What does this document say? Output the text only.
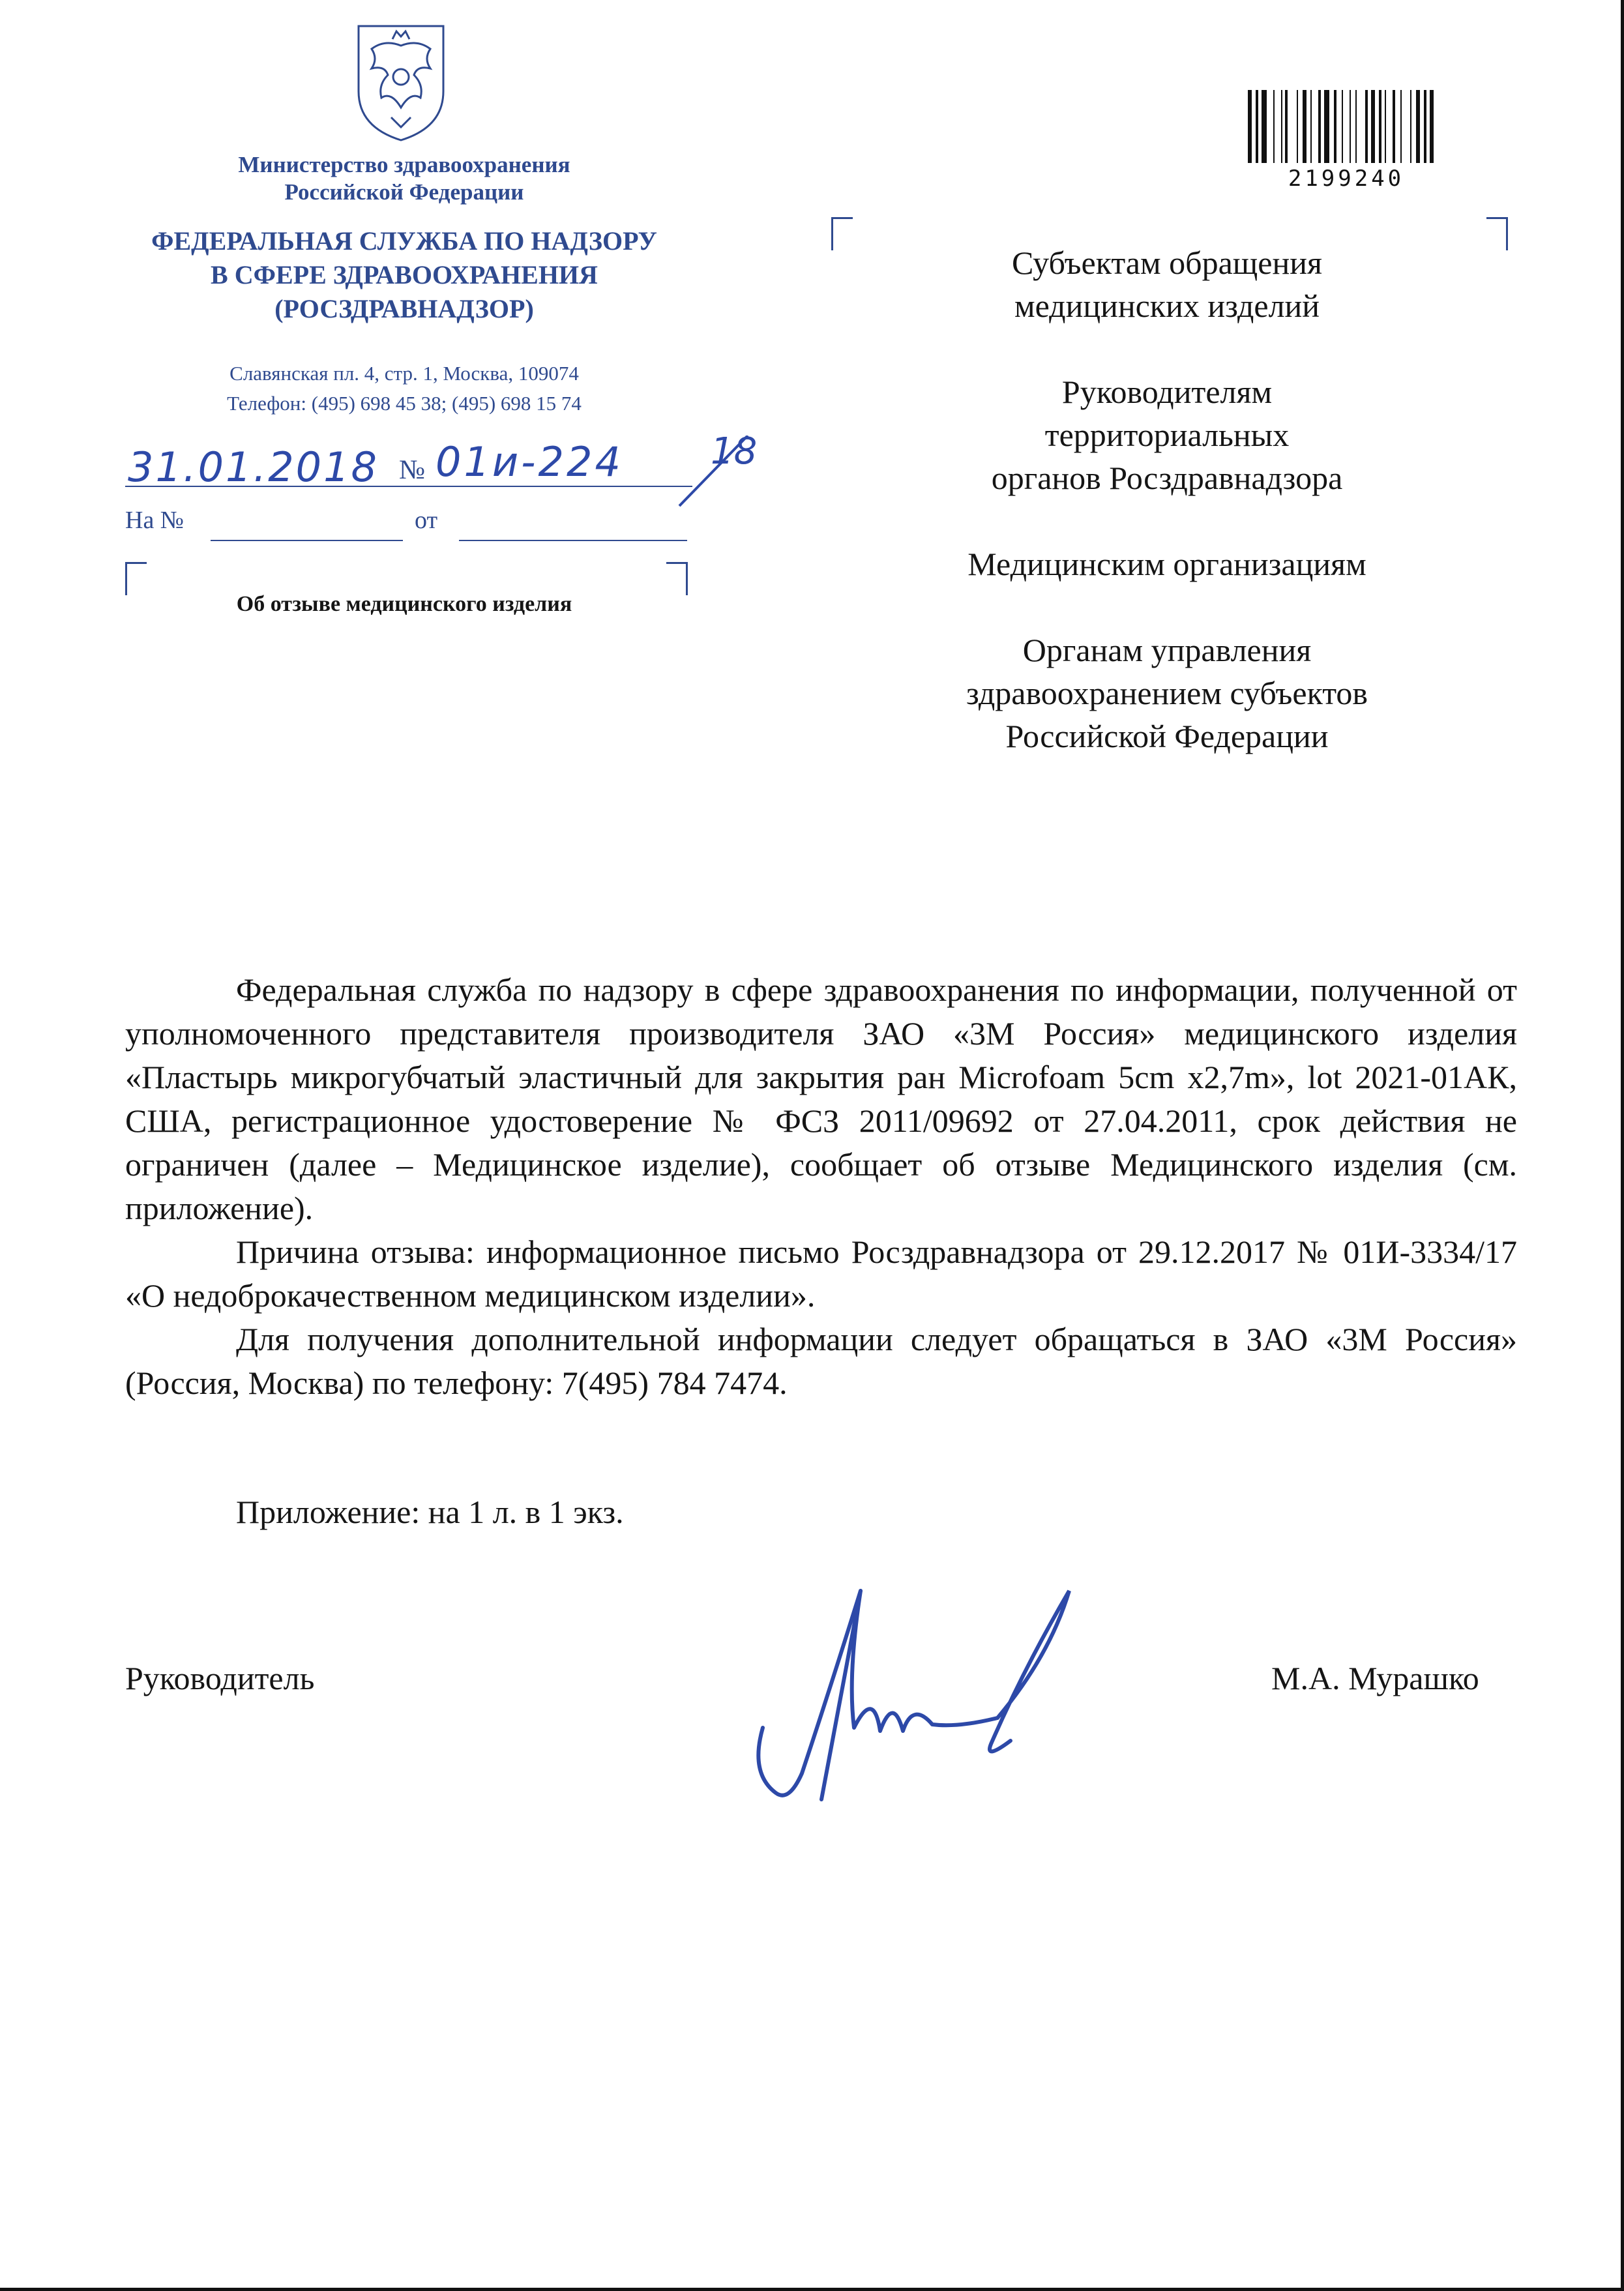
Министерство здравоохранения
Российской Федерации
ФЕДЕРАЛЬНАЯ СЛУЖБА ПО НАДЗОРУ
В СФЕРЕ ЗДРАВООХРАНЕНИЯ
(РОСЗДРАВНАДЗОР)
Славянская пл. 4, стр. 1, Москва, 109074
Телефон: (495) 698 45 38; (495) 698 15 74
2199240
31.01.2018 № 01и-224 18
На №	от
Об отзыве медицинского изделия
Субъектам обращения
медицинских изделий
Руководителям
территориальных
органов Росздравнадзора
Медицинским организациям
Органам управления
здравоохранением субъектов
Российской Федерации

Федеральная служба по надзору в сфере здравоохранения по информации, полученной от уполномоченного представителя производителя ЗАО «3М Россия» медицинского изделия «Пластырь микрогубчатый эластичный для закрытия ран Microfoam 5cm x2,7m», lot 2021-01АК, США, регистрационное удостоверение № ФСЗ 2011/09692 от 27.04.2011, срок действия не ограничен (далее – Медицинское изделие), сообщает об отзыве Медицинского изделия (см. приложение).

Причина отзыва: информационное письмо Росздравнадзора от 29.12.2017 № 01И-3334/17 «О недоброкачественном медицинском изделии».

Для получения дополнительной информации следует обращаться в ЗАО «3М Россия» (Россия, Москва) по телефону: 7(495) 784 7474.

Приложение: на 1 л. в 1 экз.
Руководитель	М.А. Мурашко
